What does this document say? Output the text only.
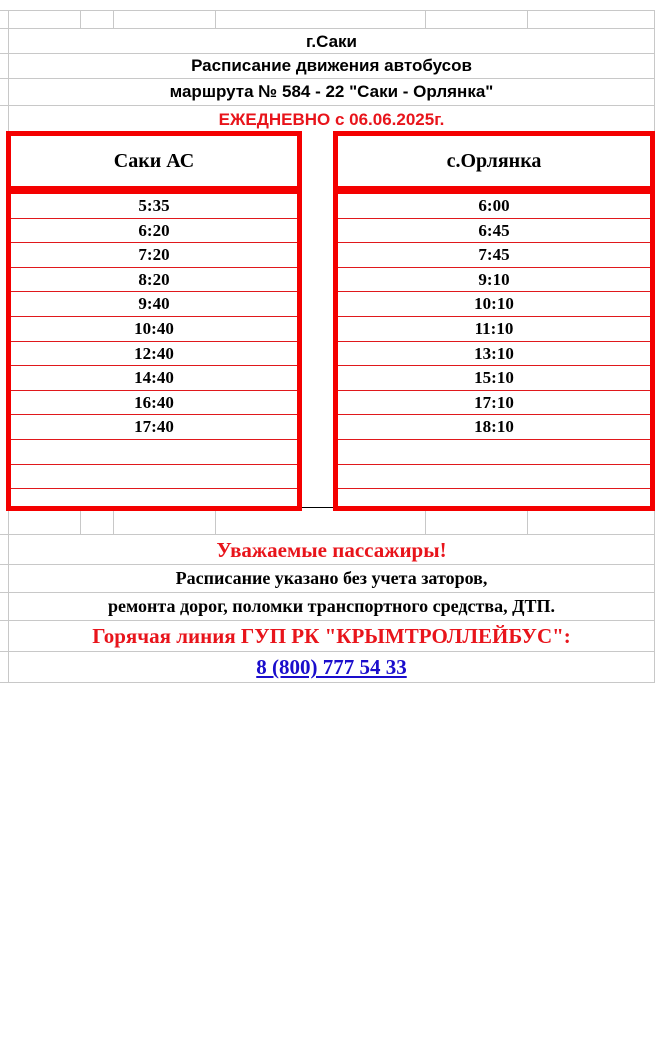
г.Саки
Расписание движения автобусов
маршрута № 584 - 22 "Саки - Орлянка"
ЕЖЕДНЕВНО с 06.06.2025г.
Саки АС
5:35
6:20
7:20
8:20
9:40
10:40
12:40
14:40
16:40
17:40
с.Орлянка
6:00
6:45
7:45
9:10
10:10
11:10
13:10
15:10
17:10
18:10
Уважаемые пассажиры!
Расписание указано без учета заторов,
ремонта дорог, поломки транспортного средства, ДТП.
Горячая линия ГУП РК "КРЫМТРОЛЛЕЙБУС":
8 (800) 777 54 33
